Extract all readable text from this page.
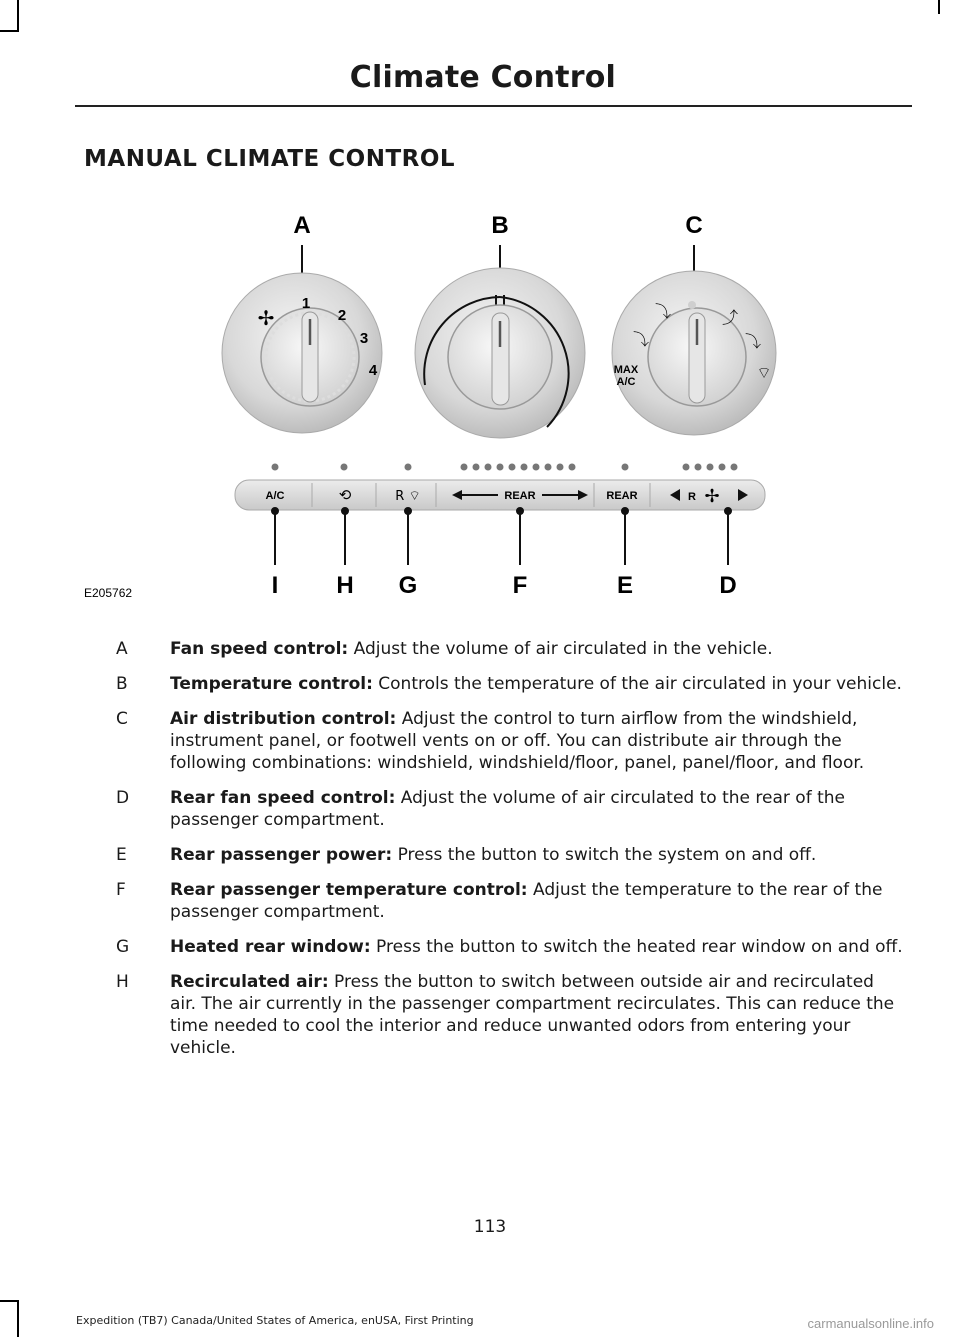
Climate Control
MANUAL CLIMATE CONTROL
A	B	C
✢
1
2
3
4
⤵
⤵
⤴
⤵
⌔
MAX
A/C
A/C	⟲	R ⌔	REAR	REAR	R ✢
I H G	F	E	D
E205762
A	Fan speed control: Adjust the volume of air circulated in the vehicle.
B	Temperature control: Controls the temperature of the air circulated in your vehicle.
C	Air distribution control: Adjust the control to turn airflow from the windshield, instrument panel, or footwell vents on or off. You can distribute air through the following combinations: windshield, windshield/floor, panel, panel/floor, and floor.
D	Rear fan speed control: Adjust the volume of air circulated to the rear of the passenger compartment.
E	Rear passenger power: Press the button to switch the system on and off.
F	Rear passenger temperature control: Adjust the temperature to the rear of the passenger compartment.
G	Heated rear window: Press the button to switch the heated rear window on and off.
H	Recirculated air: Press the button to switch between outside air and recirculated air. The air currently in the passenger compartment recirculates. This can reduce the time needed to cool the interior and reduce unwanted odors from entering your vehicle.
113
Expedition (TB7) Canada/United States of America, enUSA, First Printing	carmanualsonline.info
